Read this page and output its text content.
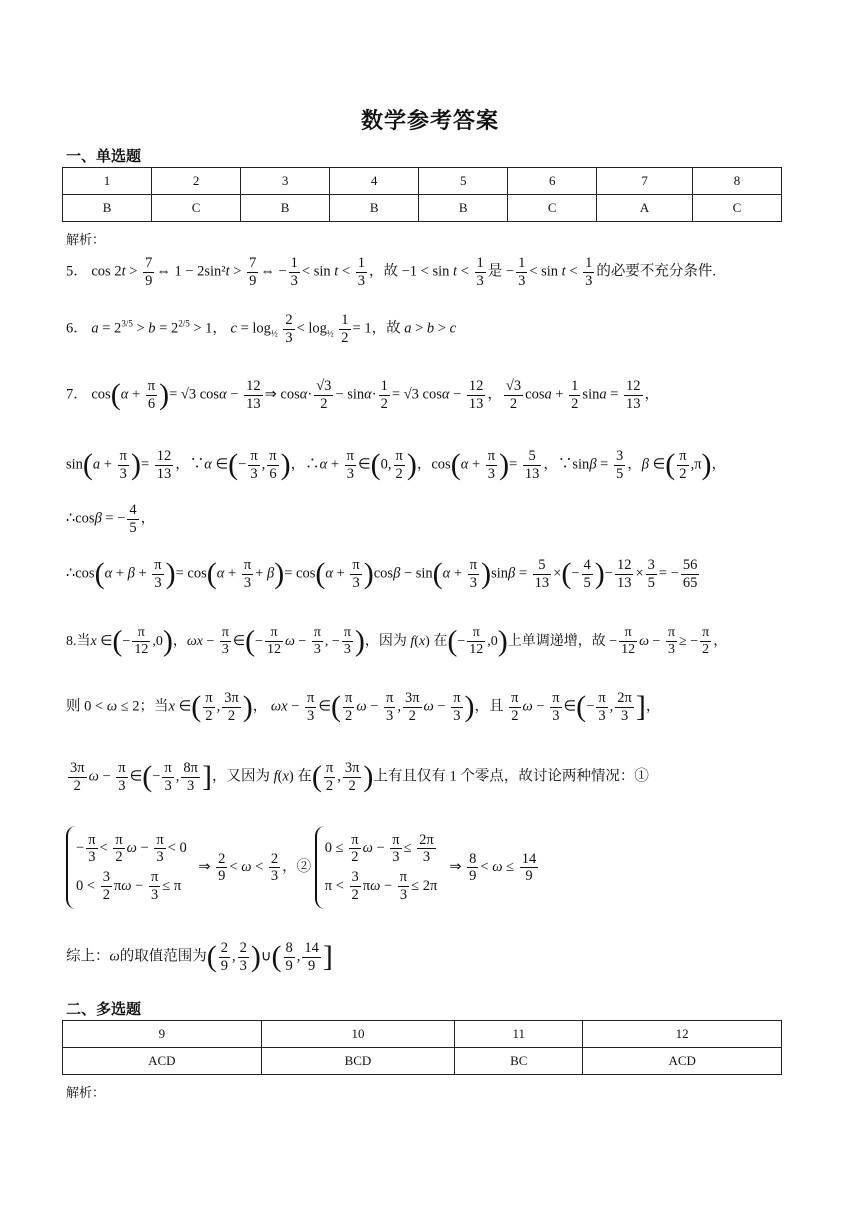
数学参考答案
一、单选题
1	2	3	4	5	6	7	8
B	C	B	B	B	C	A	C
解析：
5． $\cos 2t > \frac{7}{9}$ ⇔ $1 - 2\sin^2t > \frac{7}{9}$ ⇔ − $\frac{1}{3} < \sin t < \frac{1}{3}$ ，故 $-1 < \sin t < \frac{1}{3}$ 是 − $\frac{1}{3} < \sin t < \frac{1}{3}$ 的必要不充分条件.
6． $a = 2^{3/5} > b = 2^{2/5} > 1$， $c = \log_{\frac{1}{2}} \frac{2}{3} < \log_{\frac{1}{2}} \frac{1}{2} = 1$，故 a > b > c
7． $\cos(\alpha + \frac{\pi}{6}$ )= √3 $\cos\alpha - \frac{12}{13}$ ⇒ $\cos\alpha\cdot \frac{√3}{2} - \sin\alpha\cdot \frac{1}{2} = √3$ $\cos\alpha - \frac{12}{13}$ ， $\frac{√3}{2}$ $\cos a + \frac{1}{2}$ $\sin a = \frac{12}{13}$ ，
$\sin(a + \frac{\pi}{3}$ )= $\frac{12}{13}$ ，∵α ∈(− $\frac{\pi}{3}$ , $\frac{\pi}{6}$ )，∴α + $\frac{\pi}{3}$ ∈(0, $\frac{\pi}{2}$ )，$\cos(\alpha + \frac{\pi}{3}$ )= $\frac{5}{13}$ ，∵sinβ = $\frac{3}{5}$ ，β ∈( $\frac{\pi}{2} ,\pi$)，
∴cosβ = − $\frac{4}{5}$ ，
∴cos(α + $\beta + \frac{\pi}{3}$ )= $\cos(\alpha + \frac{\pi}{3} + \beta)= \cos(\alpha + \frac{\pi}{3} )\cos\beta - \sin(\alpha + \frac{\pi}{3} )\sin\beta = \frac{5}{13}$ ×(− $\frac{4}{5}$ )− $\frac{12}{13} \times \frac{3}{5}$ = − $\frac{56}{65}$
8.当x ∈(− $\frac{\pi}{12} ,0$)，$\omega x - \frac{\pi}{3}$ ∈(− $\frac{\pi}{12}$ $\omega - \frac{\pi}{3}$ , − $\frac{\pi}{3}$ )，因为 f(x) 在(− $\frac{\pi}{12} ,0$)上单调递增，故 − $\frac{\pi}{12}$ $\omega - \frac{\pi}{3}$ ≥ − $\frac{\pi}{2}$ ，
则 0 < ω ≤ 2；当x ∈( $\frac{\pi}{2}$ , $\frac{3\pi}{2}$ )， $\omega x - \frac{\pi}{3}$ ∈( $\frac{\pi}{2}$ $\omega - \frac{\pi}{3}$ , $\frac{3\pi}{2}$ $\omega - \frac{\pi}{3}$ )，且 $\frac{\pi}{2}$ $\omega - \frac{\pi}{3}$ ∈(− $\frac{\pi}{3}$ , $\frac{2\pi}{3}$ ]，
$\frac{3\pi}{2}$ $\omega - \frac{\pi}{3}$ ∈(− $\frac{\pi}{3}$ , $\frac{8\pi}{3}$ ]，又因为 f(x) 在( $\frac{\pi}{2}$ , $\frac{3\pi}{2}$ )上有且仅有 1 个零点，故讨论两种情况：①
− $\frac{\pi}{3} < \frac{\pi}{2}$ $\omega - \frac{\pi}{3} < 0$
$0 < \frac{3}{2}$ $\pi\omega - \frac{\pi}{3} \le \pi$ ⇒ $\frac{2}{9} < \omega < \frac{2}{3}$ ，② $0 \le \frac{\pi}{2}$ $\omega - \frac{\pi}{3} \le \frac{2\pi}{3}$

$\pi < \frac{3}{2}$ $\pi\omega - \frac{\pi}{3} \le 2\pi$ ⇒ $\frac{8}{9} < \omega \le \frac{14}{9}$
综上：ω的取值范围为( $\frac{2}{9}$ , $\frac{2}{3}$ )∪( $\frac{8}{9}$ , $\frac{14}{9}$ ]
二、多选题
9	10	11	12
ACD	BCD	BC	ACD
解析：
